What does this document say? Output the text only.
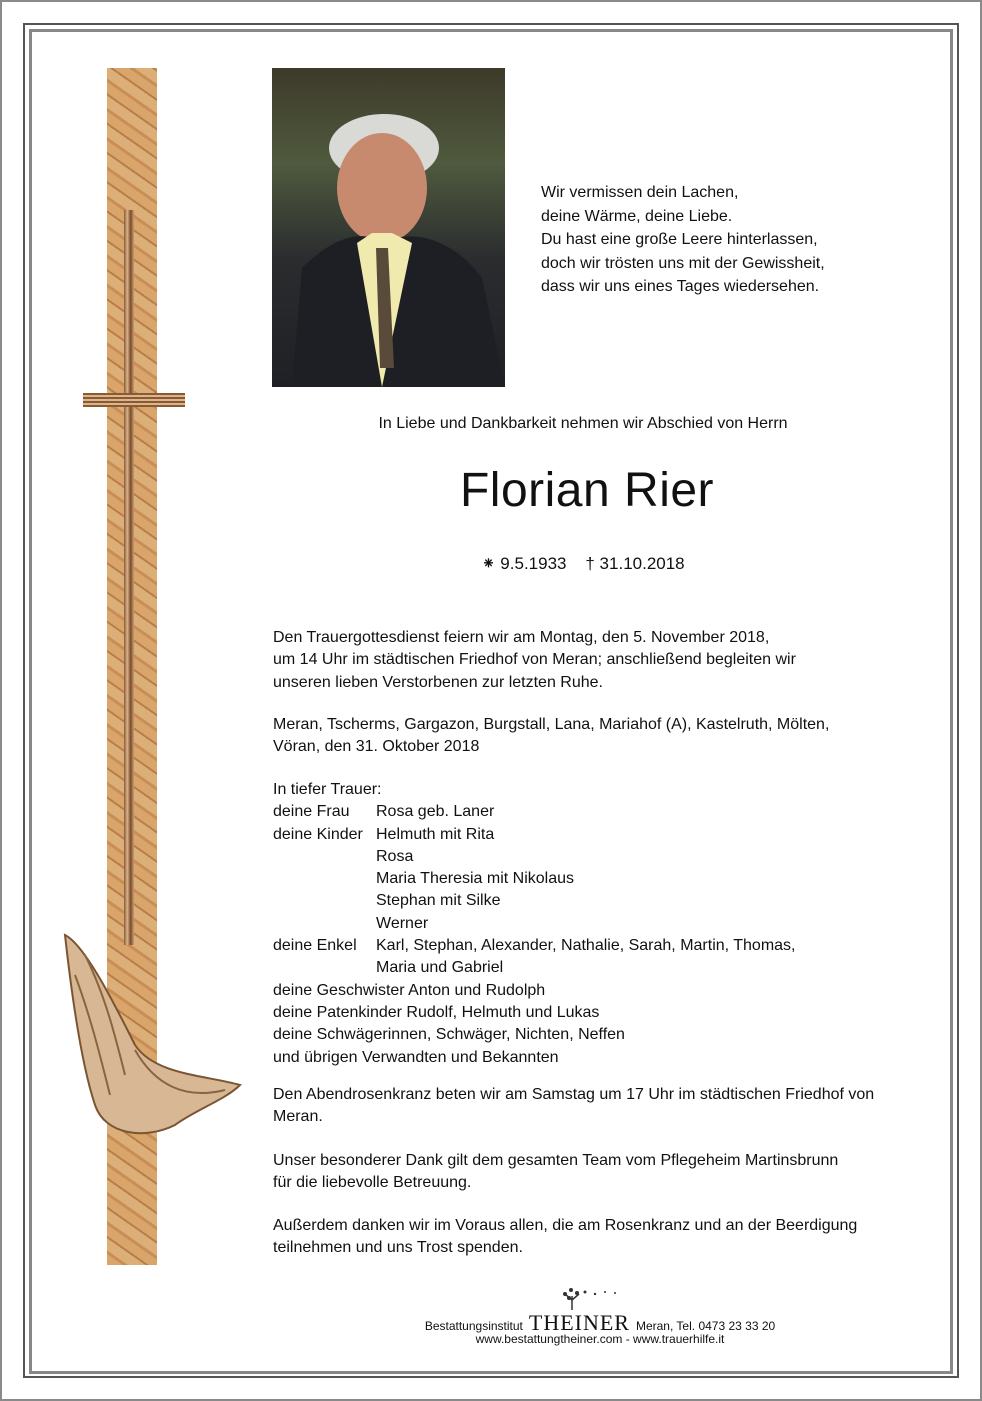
Wir vermissen dein Lachen,
deine Wärme, deine Liebe.
Du hast eine große Leere hinterlassen,
doch wir trösten uns mit der Gewissheit,
dass wir uns eines Tages wiedersehen.
In Liebe und Dankbarkeit nehmen wir Abschied von Herrn
Florian Rier
⁕ 9.5.1933    † 31.10.2018
Den Trauergottesdienst feiern wir am Montag, den 5. November 2018,
um 14 Uhr im städtischen Friedhof von Meran; anschließend begleiten wir
unseren lieben Verstorbenen zur letzten Ruhe.
Meran, Tscherms, Gargazon, Burgstall, Lana, Mariahof (A), Kastelruth, Mölten,
Vöran, den 31. Oktober 2018
In tiefer Trauer:
deine Frau	Rosa geb. Laner
deine Kinder Helmuth mit Rita
Rosa
Maria Theresia mit Nikolaus
Stephan mit Silke
Werner
deine Enkel	Karl, Stephan, Alexander, Nathalie, Sarah, Martin, Thomas,
Maria und Gabriel
deine Geschwister Anton und Rudolph
deine Patenkinder Rudolf, Helmuth und Lukas
deine Schwägerinnen, Schwäger, Nichten, Neffen
und übrigen Verwandten und Bekannten
Den Abendrosenkranz beten wir am Samstag um 17 Uhr im städtischen Friedhof von
Meran.
Unser besonderer Dank gilt dem gesamten Team vom Pflegeheim Martinsbrunn
für die liebevolle Betreuung.
Außerdem danken wir im Voraus allen, die am Rosenkranz und an der Beerdigung
teilnehmen und uns Trost spenden.
Bestattungsinstitut THEINER Meran, Tel. 0473 23 33 20
www.bestattungtheiner.com - www.trauerhilfe.it
